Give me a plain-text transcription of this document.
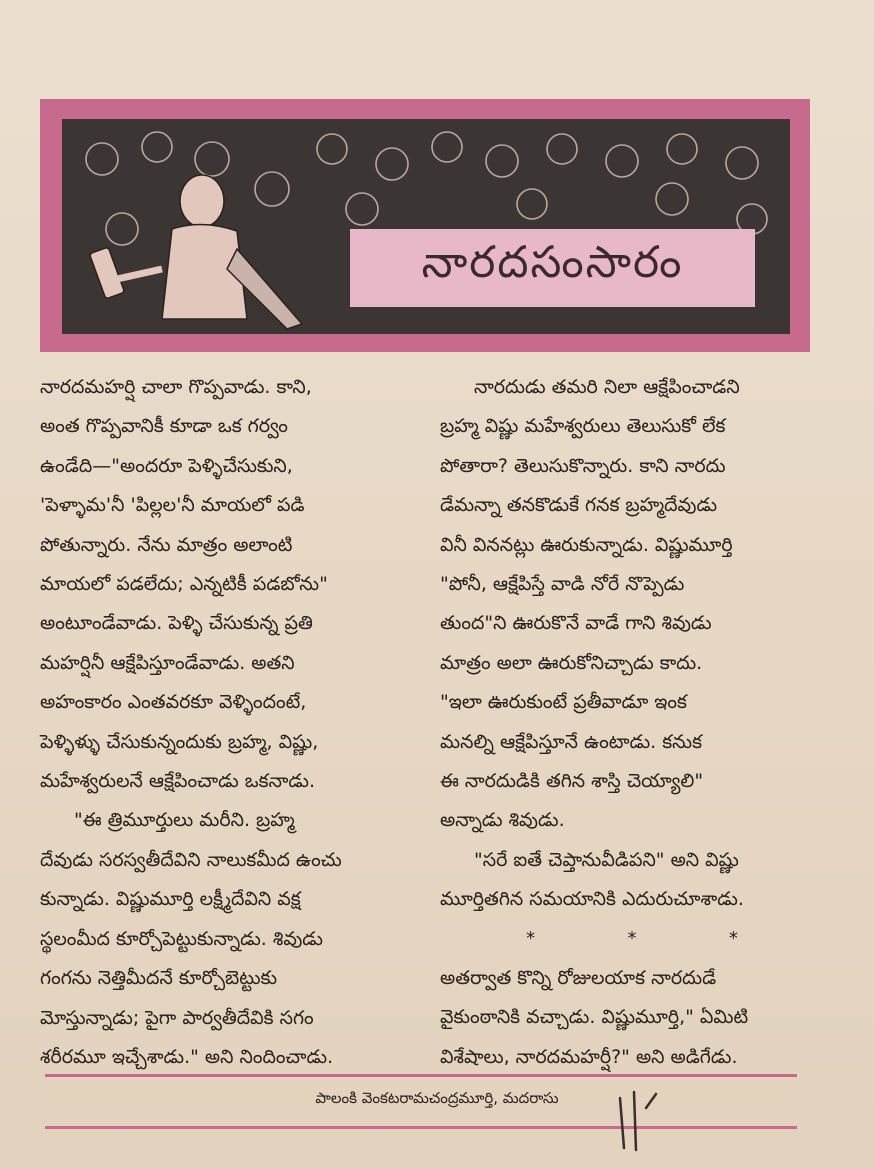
నారదసంసారం

నారదమహర్షి చాలా గొప్పవాడు. కాని,

అంత గొప్పవానికీ కూడా ఒక గర్వం

ఉండేది—"అందరూ పెళ్ళిచేసుకుని,

'పెళ్ళామ'నీ 'పిల్లల'నీ మాయలో పడి

పోతున్నారు. నేను మాత్రం అలాంటి

మాయలో పడలేదు; ఎన్నటికీ పడబోను"

అంటూండేవాడు. పెళ్ళి చేసుకున్న ప్రతి

మహర్షినీ ఆక్షేపిస్తూండేవాడు. అతని

అహంకారం ఎంతవరకూ వెళ్ళిందంటే,

పెళ్ళిళ్ళు చేసుకున్నందుకు బ్రహ్మ, విష్ణు,

మహేశ్వరులనే ఆక్షేపించాడు ఒకనాడు.

"ఈ త్రిమూర్తులు మరీని. బ్రహ్మ

దేవుడు సరస్వతీదేవిని నాలుకమీద ఉంచు

కున్నాడు. విష్ణుమూర్తి లక్ష్మీదేవిని వక్ష

స్థలంమీద కూర్చోపెట్టుకున్నాడు. శివుడు

గంగను నెత్తిమీదనే కూర్చోబెట్టుకు

మోస్తున్నాడు; పైగా పార్వతీదేవికి సగం

శరీరమూ ఇచ్చేశాడు." అని నిందించాడు.

నారదుడు తమరి నిలా ఆక్షేపించాడని

బ్రహ్మ విష్ణు మహేశ్వరులు తెలుసుకో లేక

పోతారా? తెలుసుకొన్నారు. కాని నారదు

డేమన్నా తనకొడుకే గనక బ్రహ్మదేవుడు

వినీ విననట్లు ఊరుకున్నాడు. విష్ణుమూర్తి

"పోనీ, ఆక్షేపిస్తే వాడి నోరే నొప్పెడు

తుంద"ని ఊరుకొనే వాడే గాని శివుడు

మాత్రం అలా ఊరుకోనిచ్చాడు కాదు.

"ఇలా ఊరుకుంటే ప్రతీవాడూ ఇంక

మనల్ని ఆక్షేపిస్తూనే ఉంటాడు. కనుక

ఈ నారదుడికి తగిన శాస్తి చెయ్యాలి"

అన్నాడు శివుడు.

"సరే ఐతే చెప్తానువీడిపని" అని విష్ణు

మూర్తితగిన సమయానికి ఎదురుచూశాడు.

*	*	*

అతర్వాత కొన్ని రోజులయాక నారదుడే

వైకుంఠానికి వచ్చాడు. విష్ణుమూర్తి," ఏమిటి

విశేషాలు, నారదమహర్షీ?" అని అడిగేడు.

పాలంకి వెంకటరామచంద్రమూర్తి, మదరాసు
